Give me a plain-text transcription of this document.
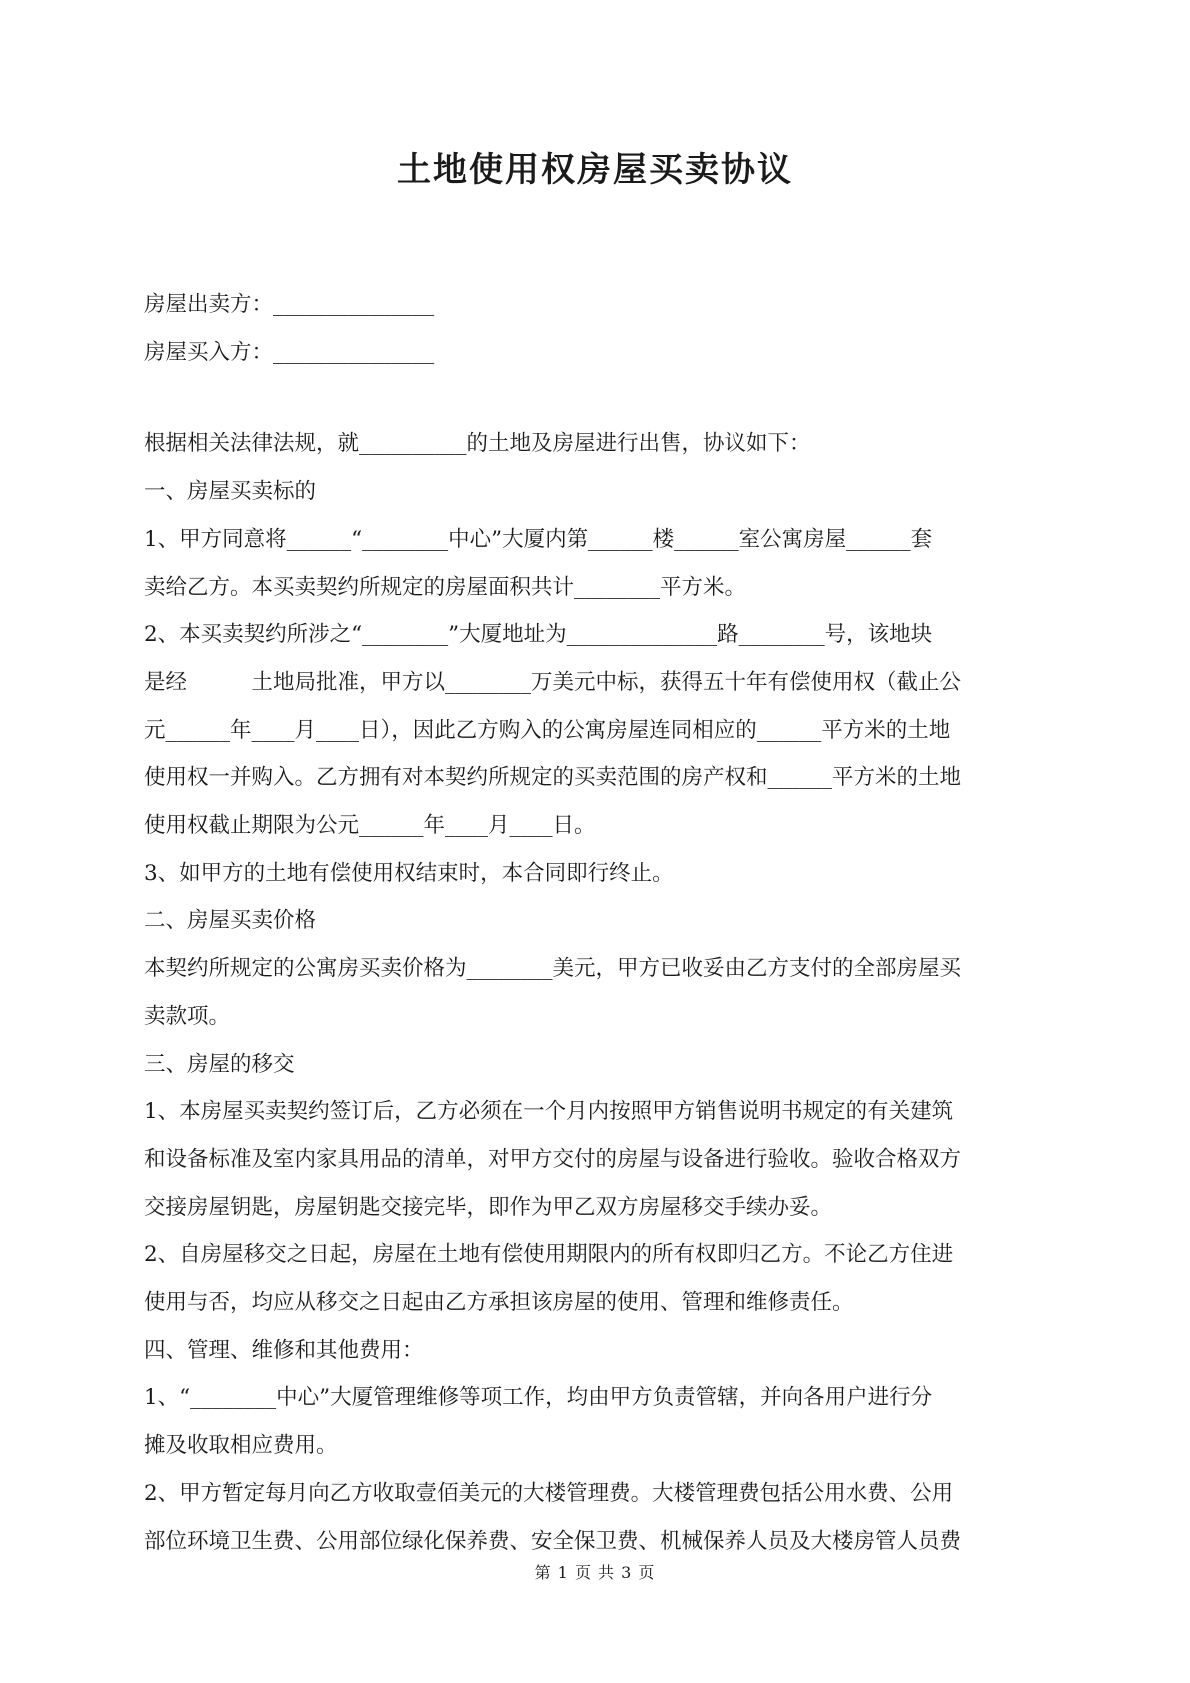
土地使用权房屋买卖协议

房屋出卖方：_______________

房屋买入方：_______________

根据相关法律法规，就__________的土地及房屋进行出售，协议如下：

一、房屋买卖标的

1、甲方同意将______“________中心”大厦内第______楼______室公寓房屋______套

卖给乙方。本买卖契约所规定的房屋面积共计________平方米。

2、本买卖契约所涉之“________”大厦地址为______________路________号，该地块

是经　　　土地局批准，甲方以________万美元中标，获得五十年有偿使用权（截止公

元______年____月____日），因此乙方购入的公寓房屋连同相应的______平方米的土地

使用权一并购入。乙方拥有对本契约所规定的买卖范围的房产权和______平方米的土地

使用权截止期限为公元______年____月____日。

3、如甲方的土地有偿使用权结束时，本合同即行终止。

二、房屋买卖价格

本契约所规定的公寓房买卖价格为________美元，甲方已收妥由乙方支付的全部房屋买

卖款项。

三、房屋的移交

1、本房屋买卖契约签订后，乙方必须在一个月内按照甲方销售说明书规定的有关建筑

和设备标准及室内家具用品的清单，对甲方交付的房屋与设备进行验收。验收合格双方

交接房屋钥匙，房屋钥匙交接完毕，即作为甲乙双方房屋移交手续办妥。

2、自房屋移交之日起，房屋在土地有偿使用期限内的所有权即归乙方。不论乙方住进

使用与否，均应从移交之日起由乙方承担该房屋的使用、管理和维修责任。

四、管理、维修和其他费用：

1、“________中心”大厦管理维修等项工作，均由甲方负责管辖，并向各用户进行分

摊及收取相应费用。

2、甲方暂定每月向乙方收取壹佰美元的大楼管理费。大楼管理费包括公用水费、公用

部位环境卫生费、公用部位绿化保养费、安全保卫费、机械保养人员及大楼房管人员费

第 1 页 共 3 页
